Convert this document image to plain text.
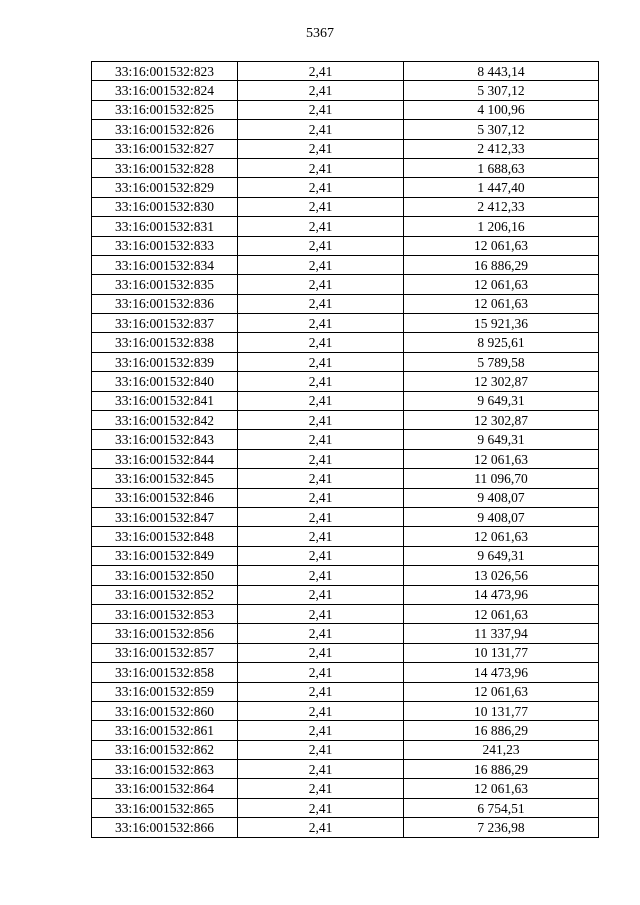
5367
33:16:001532:823	2,41	8 443,14
33:16:001532:824	2,41	5 307,12
33:16:001532:825	2,41	4 100,96
33:16:001532:826	2,41	5 307,12
33:16:001532:827	2,41	2 412,33
33:16:001532:828	2,41	1 688,63
33:16:001532:829	2,41	1 447,40
33:16:001532:830	2,41	2 412,33
33:16:001532:831	2,41	1 206,16
33:16:001532:833	2,41	12 061,63
33:16:001532:834	2,41	16 886,29
33:16:001532:835	2,41	12 061,63
33:16:001532:836	2,41	12 061,63
33:16:001532:837	2,41	15 921,36
33:16:001532:838	2,41	8 925,61
33:16:001532:839	2,41	5 789,58
33:16:001532:840	2,41	12 302,87
33:16:001532:841	2,41	9 649,31
33:16:001532:842	2,41	12 302,87
33:16:001532:843	2,41	9 649,31
33:16:001532:844	2,41	12 061,63
33:16:001532:845	2,41	11 096,70
33:16:001532:846	2,41	9 408,07
33:16:001532:847	2,41	9 408,07
33:16:001532:848	2,41	12 061,63
33:16:001532:849	2,41	9 649,31
33:16:001532:850	2,41	13 026,56
33:16:001532:852	2,41	14 473,96
33:16:001532:853	2,41	12 061,63
33:16:001532:856	2,41	11 337,94
33:16:001532:857	2,41	10 131,77
33:16:001532:858	2,41	14 473,96
33:16:001532:859	2,41	12 061,63
33:16:001532:860	2,41	10 131,77
33:16:001532:861	2,41	16 886,29
33:16:001532:862	2,41	241,23
33:16:001532:863	2,41	16 886,29
33:16:001532:864	2,41	12 061,63
33:16:001532:865	2,41	6 754,51
33:16:001532:866	2,41	7 236,98
